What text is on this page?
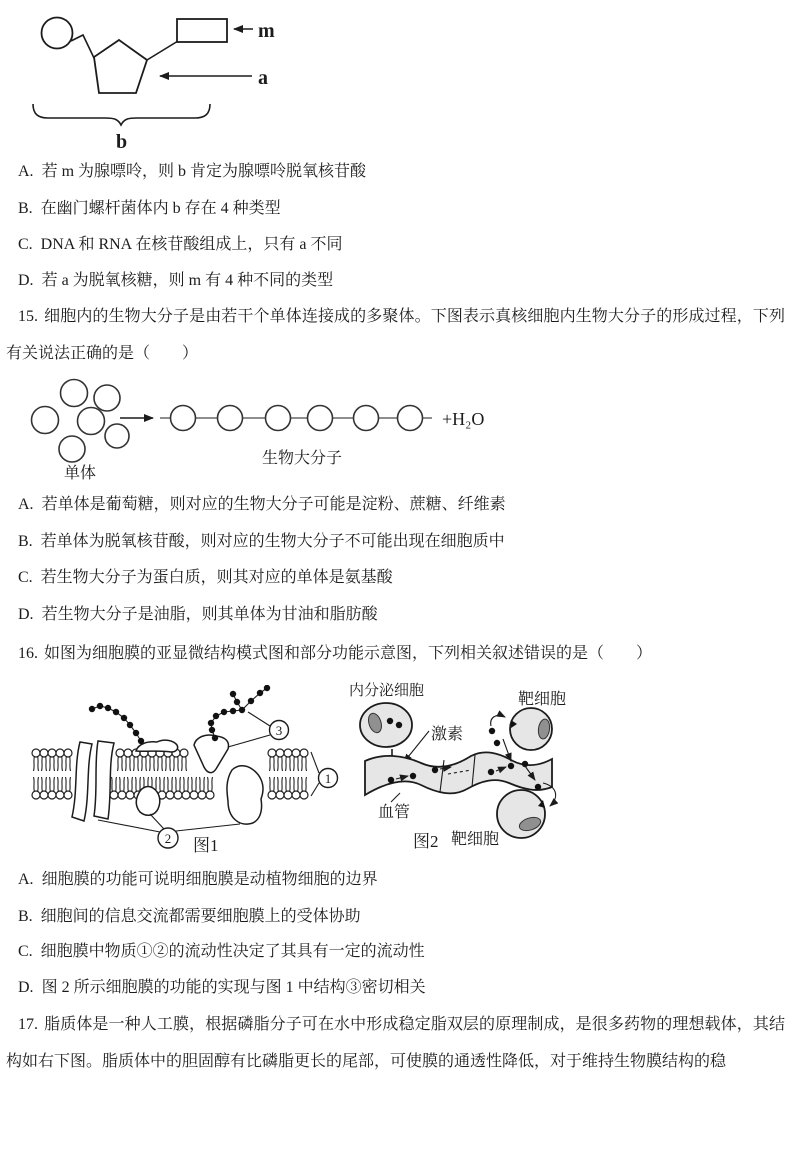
m
a
b
A. 若 m 为腺嘌呤，则 b 肯定为腺嘌呤脱氧核苷酸
B. 在幽门螺杆菌体内 b 存在 4 种类型
C. DNA 和 RNA 在核苷酸组成上，只有 a 不同
D. 若 a 为脱氧核糖，则 m 有 4 种不同的类型
15. 细胞内的生物大分子是由若干个单体连接成的多聚体。下图表示真核细胞内生物大分子的形成过程，下列有关说法正确的是（　　）
+H₂O
生物大分子
单体
A. 若单体是葡萄糖，则对应的生物大分子可能是淀粉、蔗糖、纤维素
B. 若单体为脱氧核苷酸，则对应的生物大分子不可能出现在细胞质中
C. 若生物大分子为蛋白质，则其对应的单体是氨基酸
D. 若生物大分子是油脂，则其单体为甘油和脂肪酸
16. 如图为细胞膜的亚显微结构模式图和部分功能示意图，下列相关叙述错误的是（　　）
3
1
2 图1
内分泌细胞
激素
靶细胞
血管
图2 靶细胞
A. 细胞膜的功能可说明细胞膜是动植物细胞的边界
B. 细胞间的信息交流都需要细胞膜上的受体协助
C. 细胞膜中物质①②的流动性决定了其具有一定的流动性
D. 图 2 所示细胞膜的功能的实现与图 1 中结构③密切相关
17. 脂质体是一种人工膜，根据磷脂分子可在水中形成稳定脂双层的原理制成，是很多药物的理想载体，其结构如右下图。脂质体中的胆固醇有比磷脂更长的尾部，可使膜的通透性降低，对于维持生物膜结构的稳
